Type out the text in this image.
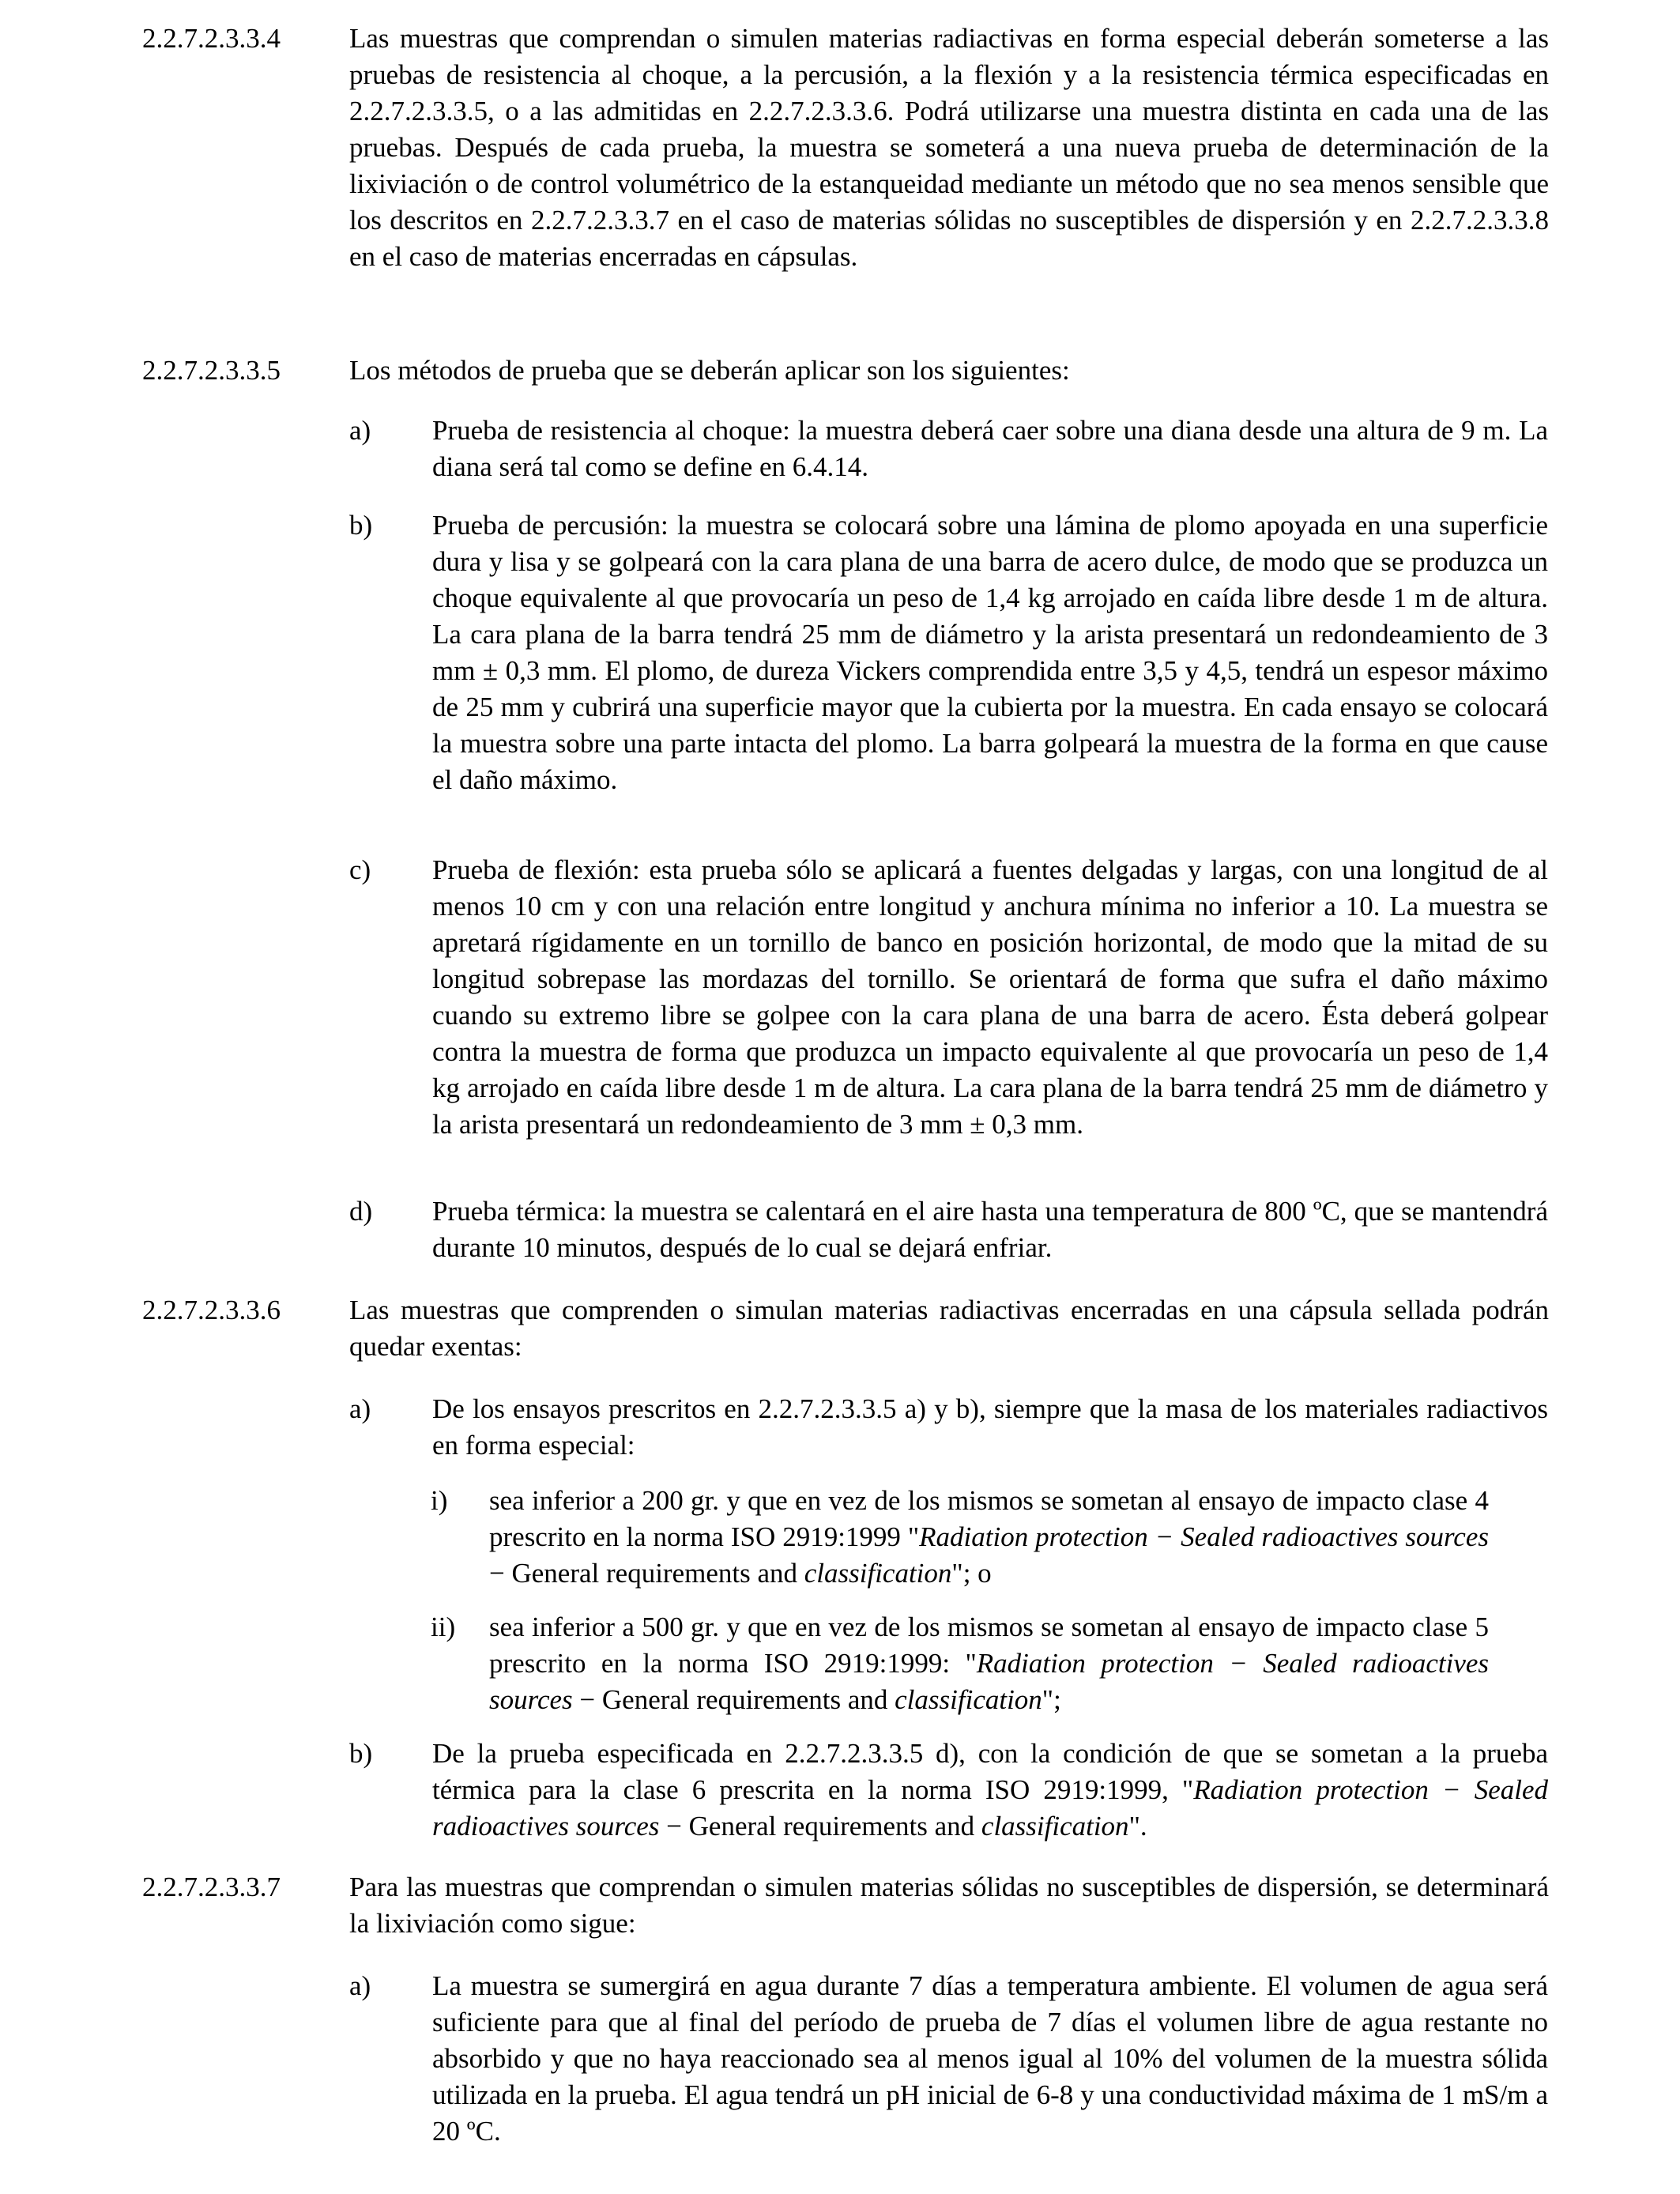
2.2.7.2.3.3.4 Las muestras que comprendan o simulen materias radiactivas en forma especial deberán someterse a las pruebas de resistencia al choque, a la percusión, a la flexión y a la resistencia térmica especificadas en 2.2.7.2.3.3.5, o a las admitidas en 2.2.7.2.3.3.6. Podrá utilizarse una muestra distinta en cada una de las pruebas. Después de cada prueba, la muestra se someterá a una nueva prueba de determinación de la lixiviación o de control volumétrico de la estanqueidad mediante un método que no sea menos sensible que los descritos en 2.2.7.2.3.3.7 en el caso de materias sólidas no susceptibles de dispersión y en 2.2.7.2.3.3.8 en el caso de materias encerradas en cápsulas.
2.2.7.2.3.3.5 Los métodos de prueba que se deberán aplicar son los siguientes:
a) Prueba de resistencia al choque: la muestra deberá caer sobre una diana desde una altura de 9 m. La diana será tal como se define en 6.4.14.
b) Prueba de percusión: la muestra se colocará sobre una lámina de plomo apoyada en una superficie dura y lisa y se golpeará con la cara plana de una barra de acero dulce, de modo que se produzca un choque equivalente al que provocaría un peso de 1,4 kg arrojado en caída libre desde 1 m de altura. La cara plana de la barra tendrá 25 mm de diámetro y la arista presentará un redondeamiento de 3 mm ± 0,3 mm. El plomo, de dureza Vickers comprendida entre 3,5 y 4,5, tendrá un espesor máximo de 25 mm y cubrirá una superficie mayor que la cubierta por la muestra. En cada ensayo se colocará la muestra sobre una parte intacta del plomo. La barra golpeará la muestra de la forma en que cause el daño máximo.
c) Prueba de flexión: esta prueba sólo se aplicará a fuentes delgadas y largas, con una longitud de al menos 10 cm y con una relación entre longitud y anchura mínima no inferior a 10. La muestra se apretará rígidamente en un tornillo de banco en posición horizontal, de modo que la mitad de su longitud sobrepase las mordazas del tornillo. Se orientará de forma que sufra el daño máximo cuando su extremo libre se golpee con la cara plana de una barra de acero. Ésta deberá golpear contra la muestra de forma que produzca un impacto equivalente al que provocaría un peso de 1,4 kg arrojado en caída libre desde 1 m de altura. La cara plana de la barra tendrá 25 mm de diámetro y la arista presentará un redondeamiento de 3 mm ± 0,3 mm.
d) Prueba térmica: la muestra se calentará en el aire hasta una temperatura de 800 ºC, que se mantendrá durante 10 minutos, después de lo cual se dejará enfriar.
2.2.7.2.3.3.6 Las muestras que comprenden o simulan materias radiactivas encerradas en una cápsula sellada podrán quedar exentas:
a) De los ensayos prescritos en 2.2.7.2.3.3.5 a) y b), siempre que la masa de los materiales radiactivos en forma especial:
i) sea inferior a 200 gr. y que en vez de los mismos se sometan al ensayo de impacto clase 4 prescrito en la norma ISO 2919:1999 "Radiation protection − Sealed radioactives sources − General requirements and classification"; o
ii) sea inferior a 500 gr. y que en vez de los mismos se sometan al ensayo de impacto clase 5 prescrito en la norma ISO 2919:1999: "Radiation protection − Sealed radioactives sources − General requirements and classification";
b) De la prueba especificada en 2.2.7.2.3.3.5 d), con la condición de que se sometan a la prueba térmica para la clase 6 prescrita en la norma ISO 2919:1999, "Radiation protection − Sealed radioactives sources − General requirements and classification".
2.2.7.2.3.3.7 Para las muestras que comprendan o simulen materias sólidas no susceptibles de dispersión, se determinará la lixiviación como sigue:
a) La muestra se sumergirá en agua durante 7 días a temperatura ambiente. El volumen de agua será suficiente para que al final del período de prueba de 7 días el volumen libre de agua restante no absorbido y que no haya reaccionado sea al menos igual al 10% del volumen de la muestra sólida utilizada en la prueba. El agua tendrá un pH inicial de 6-8 y una conductividad máxima de 1 mS/m a 20 ºC.
